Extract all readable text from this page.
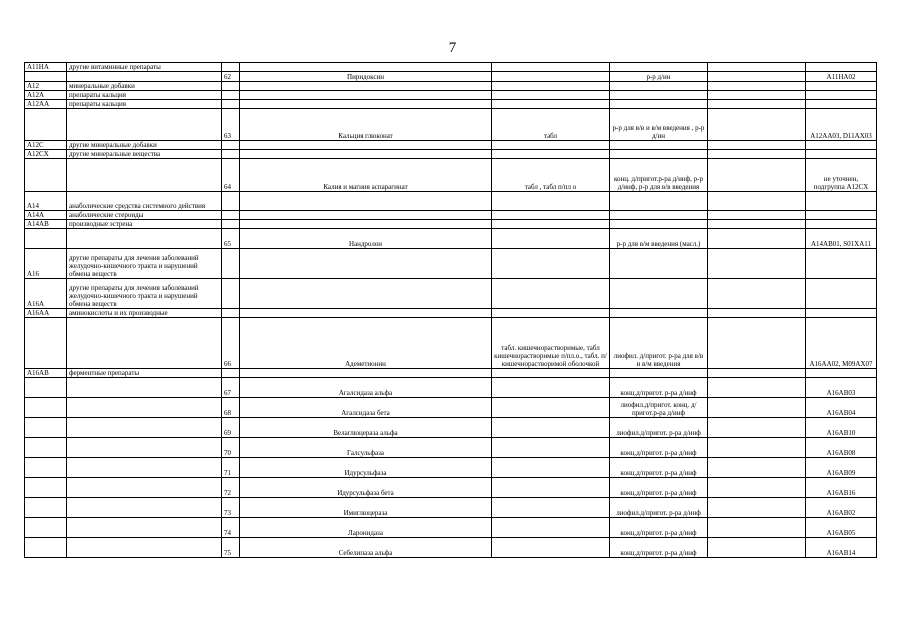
7
A11HA	другие витаминные препараты						
		62	Пиридоксин		р-р д/ин		A11HA02
A12	минеральные добавки						
A12A	препараты кальция						
A12AA	препараты кальция						
		63	Кальция глюконат	табл	р-р для в/в и в/м введения , р-р д/ин		A12AA03, D11AX03
A12C	другие минеральные добавки						
A12CX	другие минеральные вещества						
		64	Калия и магния аспарагинат	табл , табл п/пл о	конц. д/пригот.р-ра д/инф, р-р д/инф, р-р для в/в введения		не уточнен, подгруппа A12CX
A14	анаболические средства системного действия						
A14A	анаболические стероиды						
A14AB	производные эстрена						
		65	Нандролон		р-р для в/м введения (масл.)		A14AB01, S01XA11
A16	другие препараты для лечения заболеваний желудочно-кишечного тракта и нарушений обмена веществ						
A16A	другие препараты для лечения заболеваний желудочно-кишечного тракта и нарушений обмена веществ						
A16AA	аминокислоты и их производные						
		66	Адеметионин	табл. кишечнорастворимые, табл кишечнорастворимые п/пл.о., табл. п/кишечнорастворимой оболочкой	лиофил. д/пригот. р-ра для в/в и в/м введения		A16AA02, M09AX07
A16AB	ферментные препараты						
		67	Агалсидаза альфа		конц.д/пригот. р-ра д/инф		A16AB03
		68	Агалсидаза бета		лиофил.д/пригот. конц. д/пригот.р-ра д/инф		A16AB04
		69	Велаглюцераза альфа		лиофил.д/пригот. р-ра д/инф		A16AB10
		70	Галсульфаза		конц.д/пригот. р-ра д/инф		A16AB08
		71	Идурсульфаза		конц.д/пригот. р-ра д/инф		A16AB09
		72	Идурсульфаза бета		конц.д/пригот. р-ра д/инф		A16AB16
		73	Имиглюцераза		лиофил.д/пригот. р-ра д/инф		A16AB02
		74	Ларонидаза		конц.д/пригот. р-ра д/инф		A16AB05
		75	Себелипаза альфа		конц.д/пригот. р-ра д/инф		A16AB14
